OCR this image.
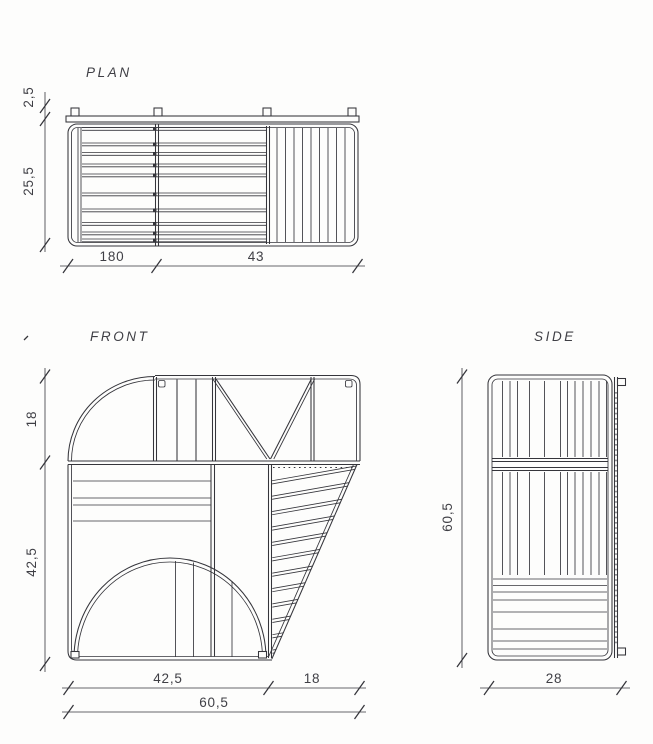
PLAN
2,5
25,5
180	43
FRONT
18
42,5
42,5	18
60,5
SIDE
60,5
28
